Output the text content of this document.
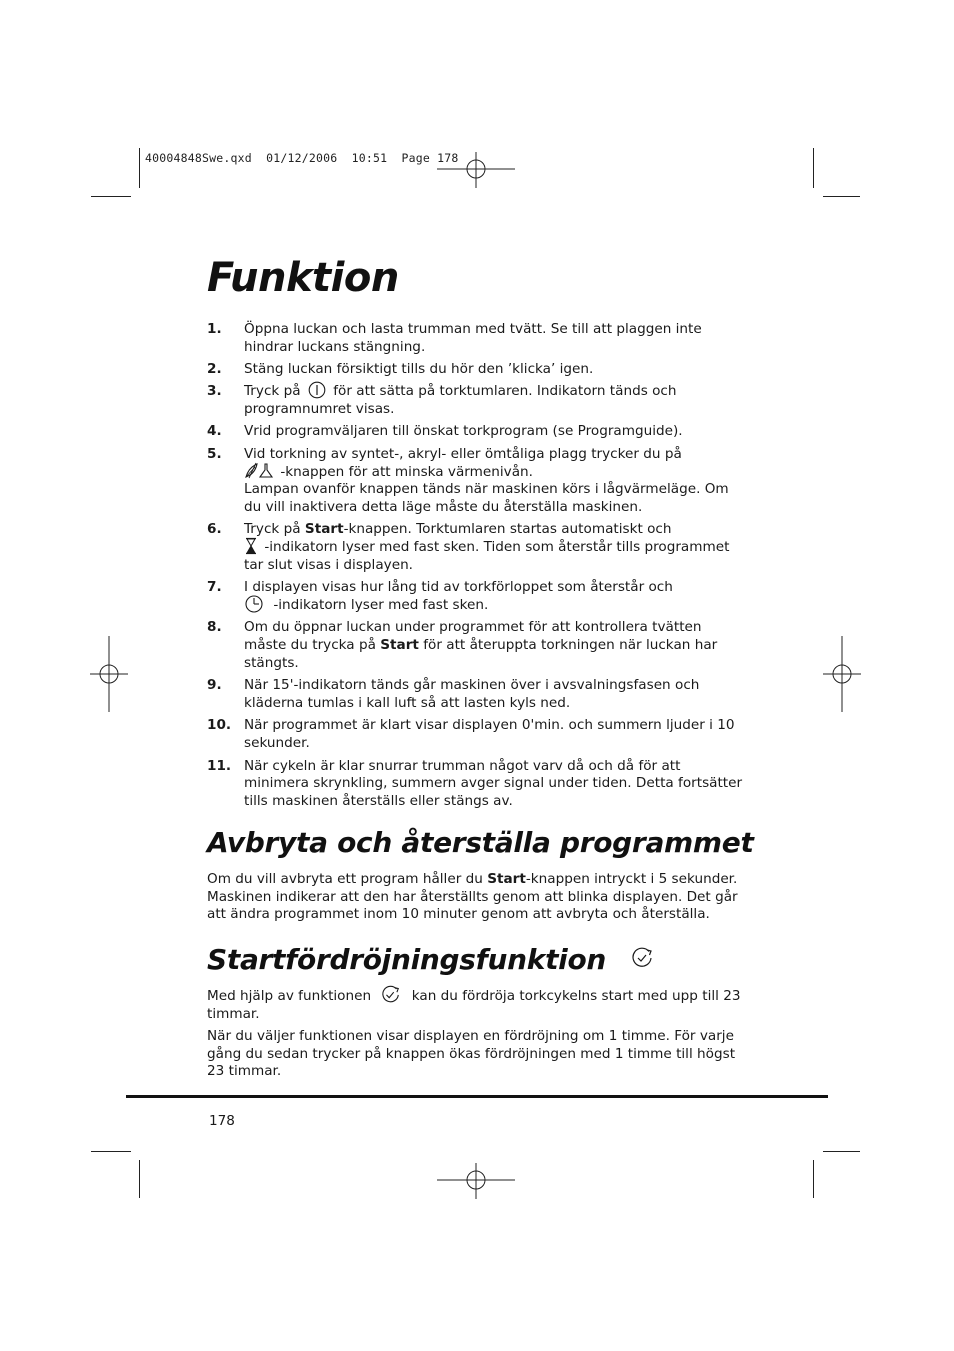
40004848Swe.qxd  01/12/2006  10:51  Page 178
Funktion
1. Öppna luckan och lasta trumman med tvätt. Se till att plaggen inte hindrar luckans stängning.
2. Stäng luckan försiktigt tills du hör den ’klicka’ igen.
3. Tryck på för att sätta på torktumlaren. Indikatorn tänds och programnumret visas.
4. Vrid programväljaren till önskat torkprogram (se Programguide).
5. Vid torkning av syntet-, akryl- eller ömtåliga plagg trycker du på
-knappen för att minska värmenivån.
Lampan ovanför knappen tänds när maskinen körs i lågvärmeläge. Om du vill inaktivera detta läge måste du återställa maskinen.
6. Tryck på Start-knappen. Torktumlaren startas automatiskt och
-indikatorn lyser med fast sken. Tiden som återstår tills programmet tar slut visas i displayen.
7. I displayen visas hur lång tid av torkförloppet som återstår och
-indikatorn lyser med fast sken.
8. Om du öppnar luckan under programmet för att kontrollera tvätten måste du trycka på Start för att återuppta torkningen när luckan har stängts.
9. När 15'-indikatorn tänds går maskinen över i avsvalningsfasen och kläderna tumlas i kall luft så att lasten kyls ned.
10. När programmet är klart visar displayen 0'min. och summern ljuder i 10 sekunder.
11. När cykeln är klar snurrar trumman något varv då och då för att minimera skrynkling, summern avger signal under tiden. Detta fortsätter tills maskinen återställs eller stängs av.
Avbryta och återställa programmet

Om du vill avbryta ett program håller du Start-knappen intryckt i 5 sekunder. Maskinen indikerar att den har återställts genom att blinka displayen. Det går att ändra programmet inom 10 minuter genom att avbryta och återställa.

Startfördröjningsfunktion

Med hjälp av funktionen	kan du fördröja torkcykelns start med upp till 23 timmar.

När du väljer funktionen visar displayen en fördröjning om 1 timme. För varje gång du sedan trycker på knappen ökas fördröjningen med 1 timme till högst 23 timmar.

178
